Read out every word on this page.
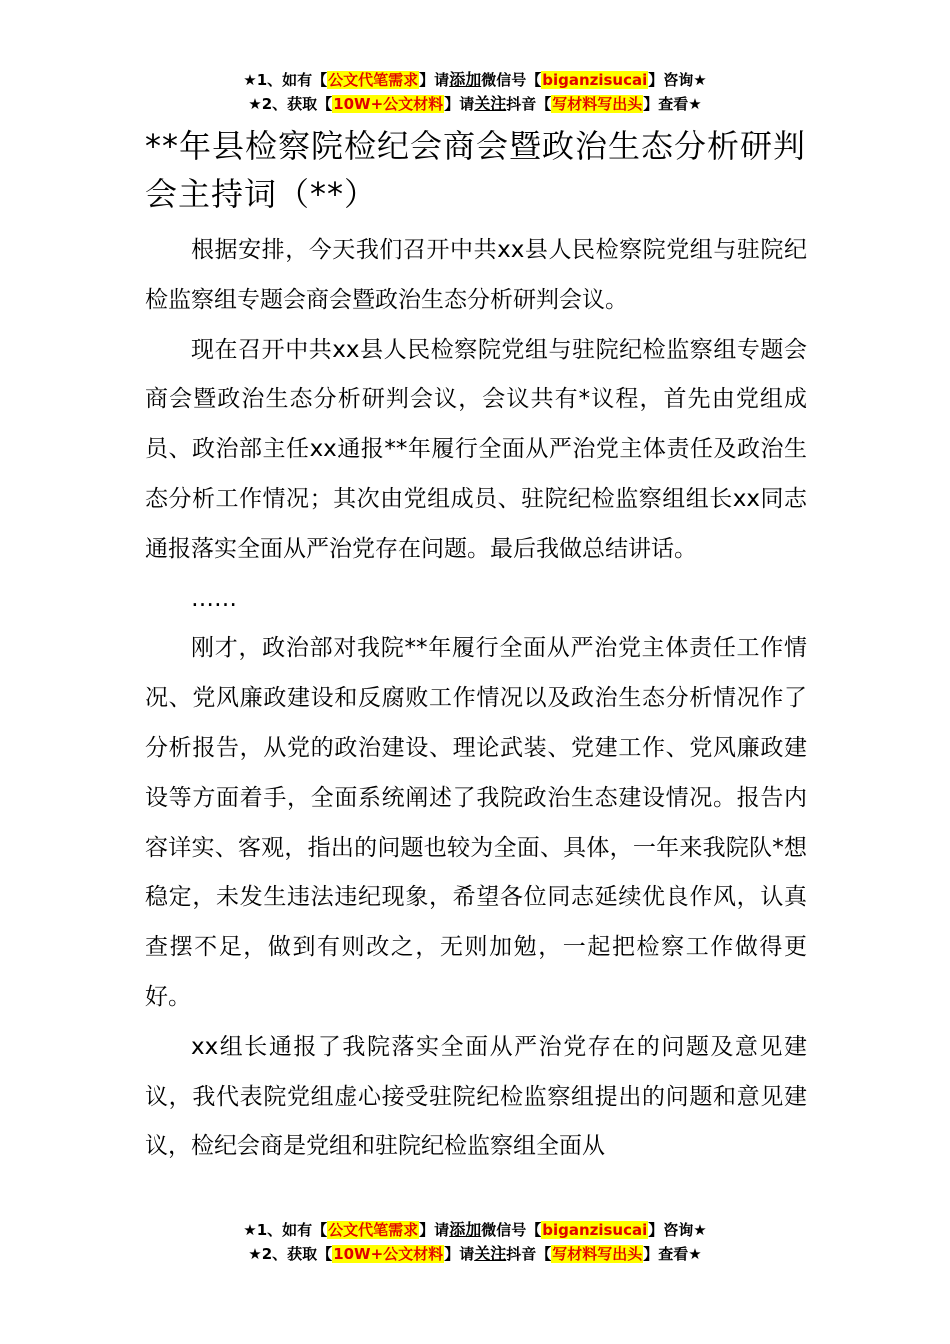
★1、如有【公文代笔需求】请添加微信号【biganzisucai】咨询★
★2、获取【10W+公文材料】请关注抖音【写材料写出头】查看★
**年县检察院检纪会商会暨政治生态分析研判会主持词（**）

根据安排，今天我们召开中共xx县人民检察院党组与驻院纪检监察组专题会商会暨政治生态分析研判会议。

现在召开中共xx县人民检察院党组与驻院纪检监察组专题会商会暨政治生态分析研判会议，会议共有*议程，首先由党组成员、政治部主任xx通报**年履行全面从严治党主体责任及政治生态分析工作情况；其次由党组成员、驻院纪检监察组组长xx同志通报落实全面从严治党存在问题。最后我做总结讲话。

……

刚才，政治部对我院**年履行全面从严治党主体责任工作情况、党风廉政建设和反腐败工作情况以及政治生态分析情况作了分析报告，从党的政治建设、理论武装、党建工作、党风廉政建设等方面着手，全面系统阐述了我院政治生态建设情况。报告内容详实、客观，指出的问题也较为全面、具体，一年来我院队*想稳定，未发生违法违纪现象，希望各位同志延续优良作风，认真查摆不足，做到有则改之，无则加勉，一起把检察工作做得更好。

xx组长通报了我院落实全面从严治党存在的问题及意见建议，我代表院党组虚心接受驻院纪检监察组提出的问题和意见建议，检纪会商是党组和驻院纪检监察组全面从

★1、如有【公文代笔需求】请添加微信号【biganzisucai】咨询★
★2、获取【10W+公文材料】请关注抖音【写材料写出头】查看★
